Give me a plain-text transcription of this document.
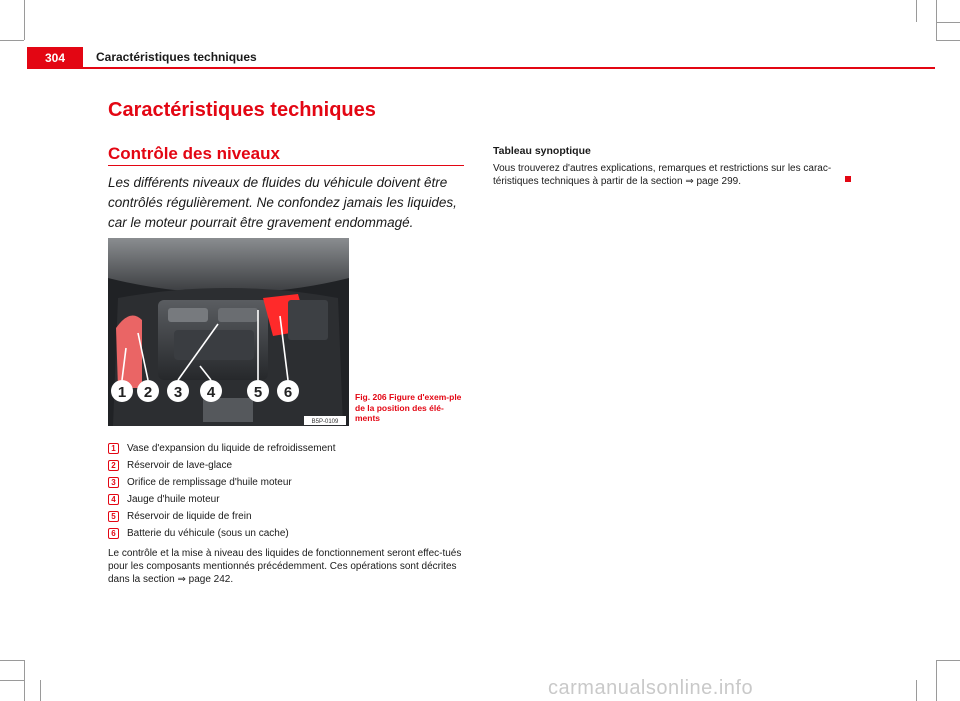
304	Caractéristiques techniques
Caractéristiques techniques
Contrôle des niveaux

Les différents niveaux de fluides du véhicule doivent être contrôlés régulièrement. Ne confondez jamais les liquides, car le moteur pourrait être gravement endommagé.

1 2 3 4	5 6
B5P-0109
Fig. 206 Figure d'exem-ple de la position des élé-ments
1	Vase d'expansion du liquide de refroidissement
2	Réservoir de lave-glace
3	Orifice de remplissage d'huile moteur
4	Jauge d'huile moteur
5	Réservoir de liquide de frein
6	Batterie du véhicule (sous un cache)

Le contrôle et la mise à niveau des liquides de fonctionnement seront effec-tués pour les composants mentionnés précédemment. Ces opérations sont décrites dans la section ⇒ page 242.

Tableau synoptique

Vous trouverez d'autres explications, remarques et restrictions sur les carac-téristiques techniques à partir de la section ⇒ page 299.

carmanualsonline.info
